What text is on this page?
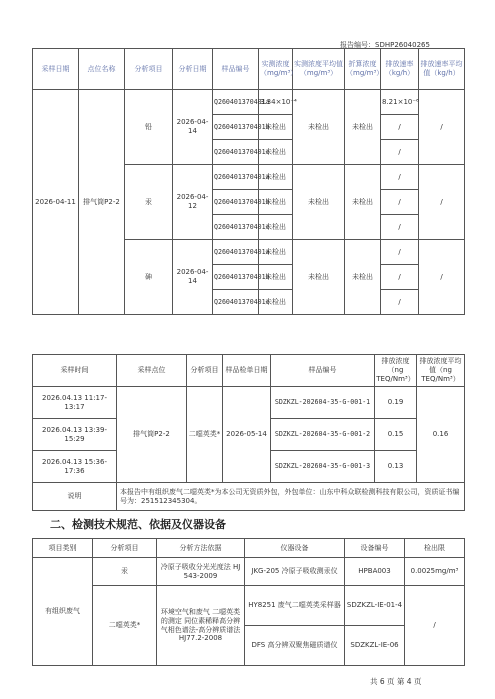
报告编号：SDHP26040265
采样日期	点位名称	分析项目	分析日期	样品编号	实测浓度（mg/m³）	实测浓度平均值（mg/m³）	折算浓度（mg/m³）	排放速率（kg/h）	排放速率平均值（kg/h）
2026-04-11	排气筒P2-2	铅	2026-04-14	Q260401370401a	3.34×10⁻⁴	未检出	未检出	8.21×10⁻⁶	/
				Q260401370401b	未检出			/	
				Q260401370401c	未检出			/	
		汞	2026-04-12	Q260401370401a	未检出	未检出	未检出	/	/
				Q260401370401b	未检出			/	
				Q260401370401c	未检出			/	
		砷	2026-04-14	Q260401370401a	未检出	未检出	未检出	/	/
				Q260401370401b	未检出			/	
				Q260401370401c	未检出			/	
采样时间	采样点位	分析项目	样品检单日期	样品编号	排放浓度（ng TEQ/Nm³）	排放浓度平均值（ng TEQ/Nm³）
2026.04.13 11:17-13:17	排气筒P2-2	二噁英类*	2026-05-14	SDZKZL-202604-35-G-001-1	0.19	0.16
2026.04.13 13:39-15:29				SDZKZL-202604-35-G-001-2	0.15	
2026.04.13 15:36-17:36				SDZKZL-202604-35-G-001-3	0.13	
说明	本报告中有组织废气二噁英类*为本公司无资质外包，外包单位：山东中科众联检测科技有限公司，资质证书编号为：251512345304。					
二、检测技术规范、依据及仪器设备
项目类别	分析项目	分析方法依据	仪器设备	设备编号	检出限
有组织废气	汞	冷原子吸收分光光度法 HJ 543-2009	JKG-205 冷原子吸收测汞仪	HPBA003	0.0025mg/m³
	二噁英类*	环境空气和废气 二噁英类的测定 同位素稀释高分辨气相色谱法-高分辨质谱法 HJ77.2-2008	HY8251 废气二噁英类采样器	SDZKZL-IE-01-4	/
			DFS 高分辨双聚焦磁质谱仪	SDZKZL-IE-06	
共 6 页 第 4 页
